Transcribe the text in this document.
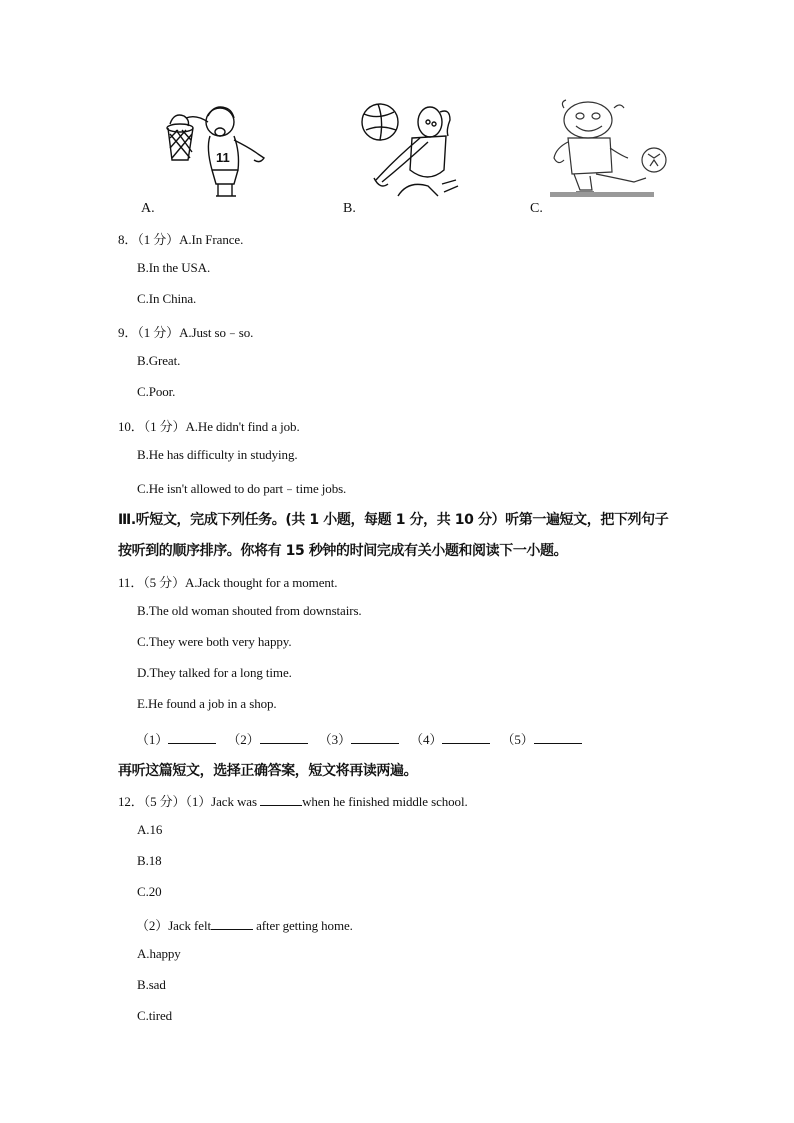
11
A.	B.	C.
8．（1 分）A.In France.
B.In the USA.
C.In China.
9．（1 分）A.Just so﹣so.
B.Great.
C.Poor.
10．（1 分）A.He didn't find a job.
B.He has difficulty in studying.
C.He isn't allowed to do part﹣time jobs.
Ⅲ.听短文，完成下列任务。(共 1 小题，每题 1 分，共 10 分）听第一遍短文，把下列句子
按听到的顺序排序。你将有 15 秒钟的时间完成有关小题和阅读下一小题。
11．（5 分）A.Jack thought for a moment.
B.The old woman shouted from downstairs.
C.They were both very happy.
D.They talked for a long time.
E.He found a job in a shop.
（1）	（2）	（3）	（4）	（5）
再听这篇短文，选择正确答案，短文将再读两遍。
12．（5 分）（1）Jack was	when he finished middle school.
A.16
B.18
C.20
（2）Jack felt	after getting home.
A.happy
B.sad
C.tired
